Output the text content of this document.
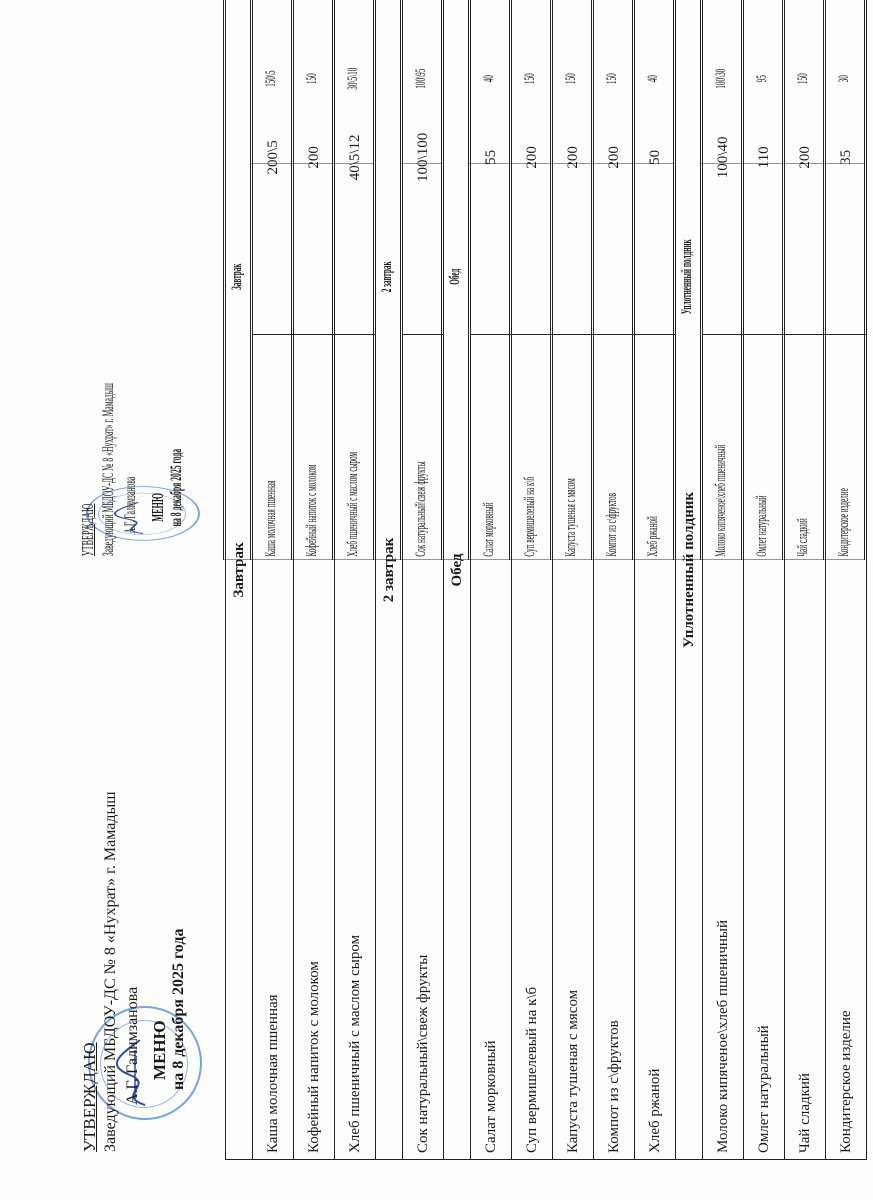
УТВЕРЖДАЮ Заведующий МБДОУ-ДС № 8 «Нухрат» г. Мамадыш А.Г. Галимзанова МЕНЮ на 8 декабря 2025 года
Завтрак	
Каша молочная пшенная	200\5
Кофейный напиток с молоком	200
Хлеб пшеничный с маслом сыром	40\5\12
2 завтрак	
Сок натуральный\свеж фрукты	100\100
Обед	
Салат морковный	55
Суп вермишелевый на к\б	200
Капуста тушеная с мясом	200
Компот из с\фруктов	200
Хлеб ржаной	50
Уплотненный полдник	
Молоко кипяченое\хлеб пшеничный	100\40
Омлет натуральный	110
Чай сладкий	200
Кондитерское изделие	35
УТВЕРЖДАЮ Заведующий МБДОУ-ДС № 8 «Нухрат» г. Мамадыш А.Г. Галимзанова МЕНЮ на 8 декабря 2025 года
Завтрак	
Каша молочная пшенная	150\5
Кофейный напиток с молоком	150
Хлеб пшеничный с маслом сыром	30\5\10
2 завтрак	
Сок натуральный\свеж фрукты	100\95
Обед	
Салат морковный	40
Суп вермишелевый на к\б	150
Капуста тушеная с мясом	150
Компот из с\фруктов	150
Хлеб ржаной	40
Уплотненный полдник	
Молоко кипяченое\хлеб пшеничный	100\30
Омлет натуральный	95
Чай сладкий	150
Кондитерское изделие	30
